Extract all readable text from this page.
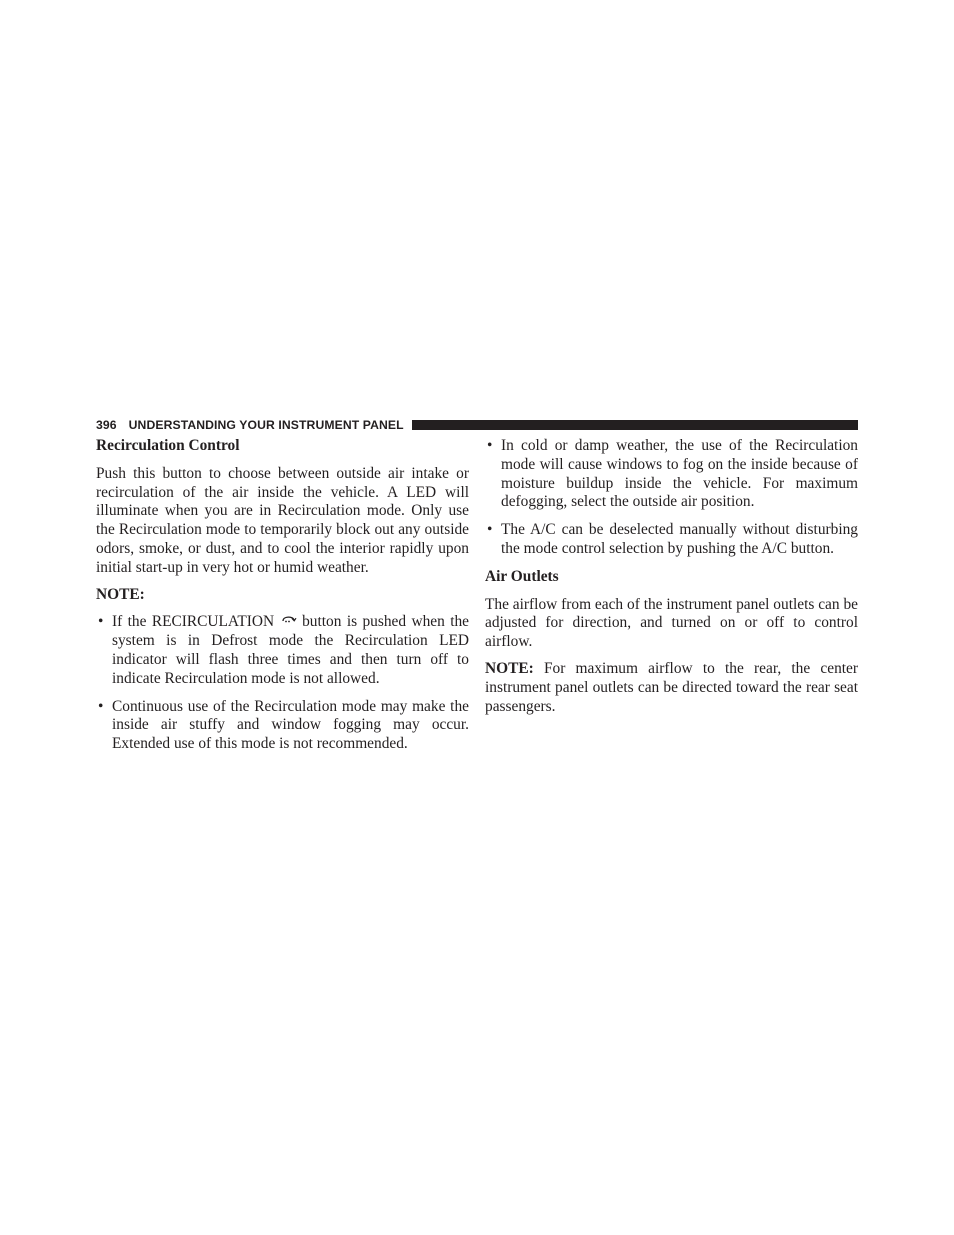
396 UNDERSTANDING YOUR INSTRUMENT PANEL

Recirculation Control

Push this button to choose between outside air intake or recirculation of the air inside the vehicle. A LED will illuminate when you are in Recirculation mode. Only use the Recirculation mode to temporarily block out any outside odors, smoke, or dust, and to cool the interior rapidly upon initial start-up in very hot or humid weather.

NOTE:

• If the RECIRCULATION button is pushed when the system is in Defrost mode the Recirculation LED indicator will flash three times and then turn off to indicate Recirculation mode is not allowed.
• Continuous use of the Recirculation mode may make the inside air stuffy and window fogging may occur. Extended use of this mode is not recommended.
• In cold or damp weather, the use of the Recirculation mode will cause windows to fog on the inside because of moisture buildup inside the vehicle. For maximum defogging, select the outside air position.
• The A/C can be deselected manually without disturbing the mode control selection by pushing the A/C button.

Air Outlets

The airflow from each of the instrument panel outlets can be adjusted for direction, and turned on or off to control airflow.

NOTE: For maximum airflow to the rear, the center instrument panel outlets can be directed toward the rear seat passengers.
